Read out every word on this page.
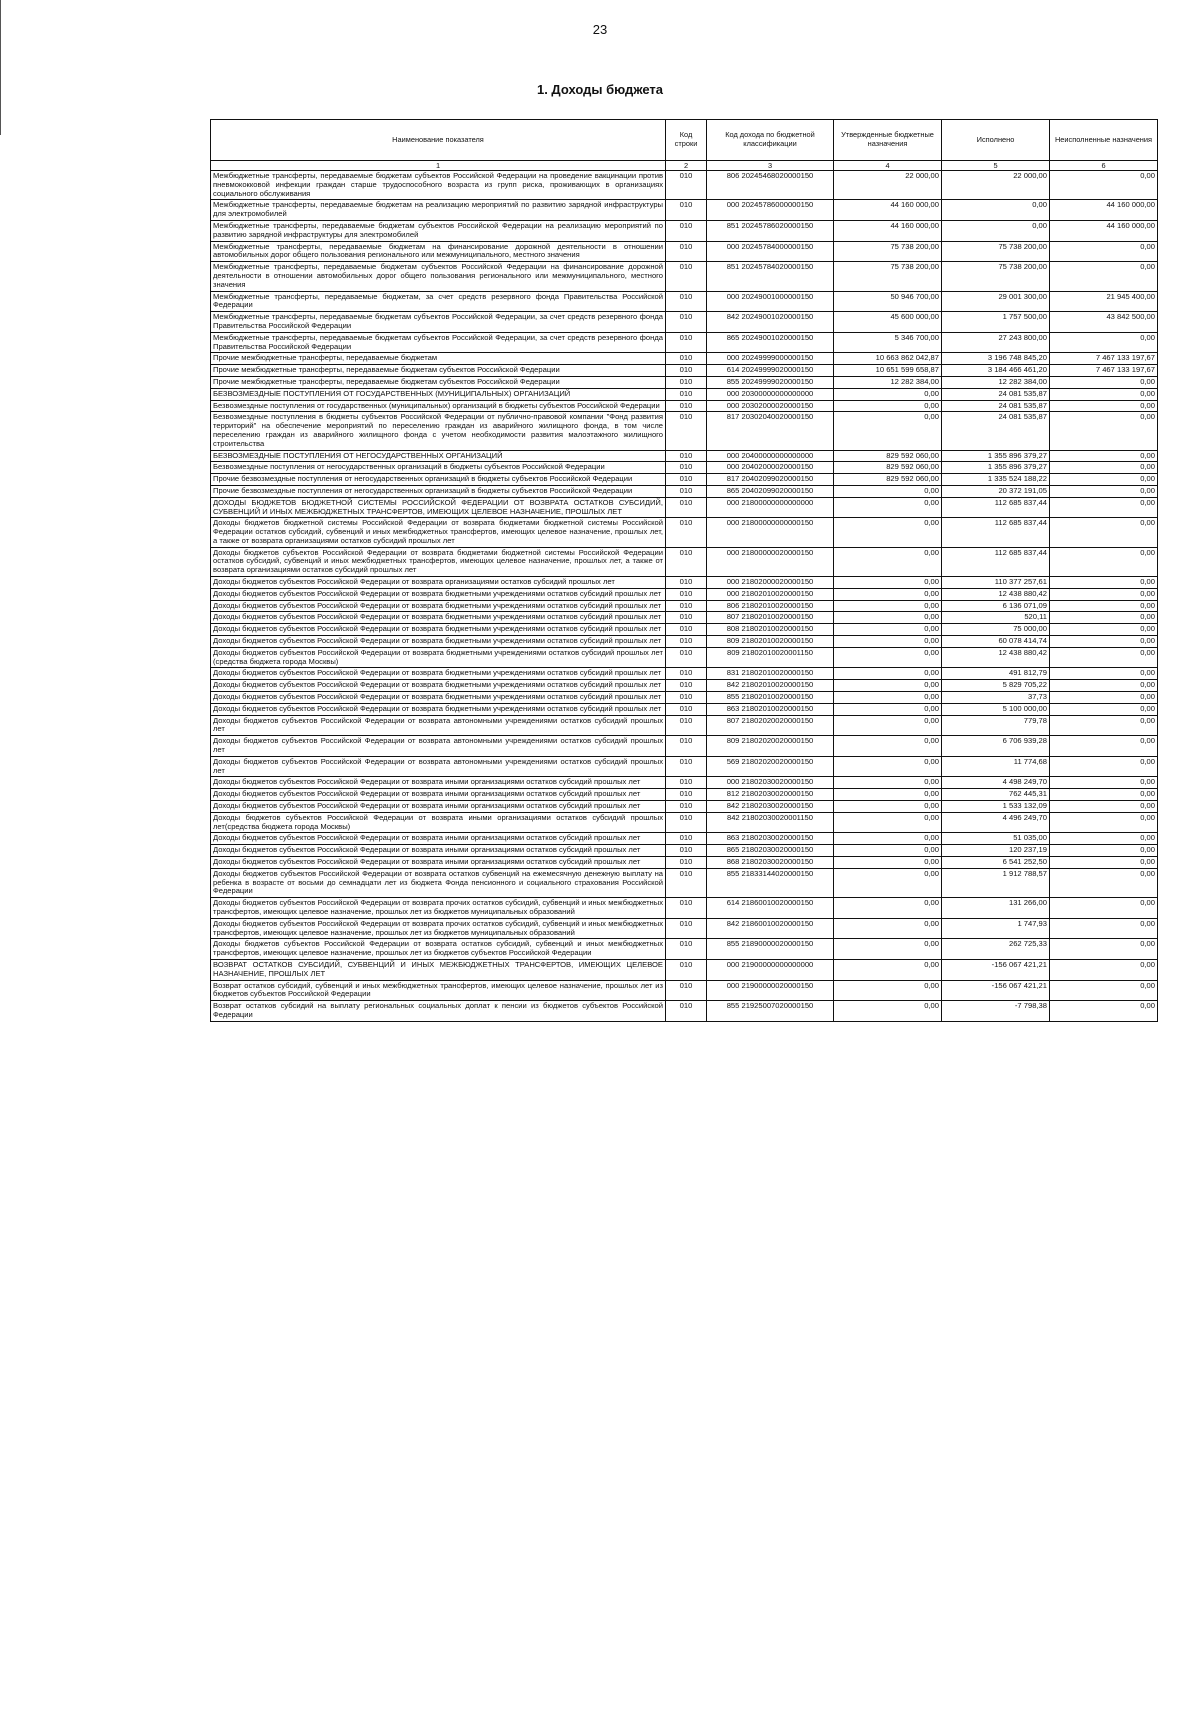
23
1. Доходы бюджета
Наименование показателя	Код строки	Код дохода по бюджетной классификации	Утвержденные бюджетные назначения	Исполнено	Неисполненные назначения
1	2	3	4	5	6
Межбюджетные трансферты, передаваемые бюджетам субъектов Российской Федерации на проведение вакцинации против пневмококковой инфекции граждан старше трудоспособного возраста из групп риска, проживающих в организациях социального обслуживания	010	806 20245468020000150	22 000,00	22 000,00	0,00
Межбюджетные трансферты, передаваемые бюджетам на реализацию мероприятий по развитию зарядной инфраструктуры для электромобилей	010	000 20245786000000150	44 160 000,00	0,00	44 160 000,00
Межбюджетные трансферты, передаваемые бюджетам субъектов Российской Федерации на реализацию мероприятий по развитию зарядной инфраструктуры для электромобилей	010	851 20245786020000150	44 160 000,00	0,00	44 160 000,00
Межбюджетные трансферты, передаваемые бюджетам на финансирование дорожной деятельности в отношении автомобильных дорог общего пользования регионального или межмуниципального, местного значения	010	000 20245784000000150	75 738 200,00	75 738 200,00	0,00
Межбюджетные трансферты, передаваемые бюджетам субъектов Российской Федерации на финансирование дорожной деятельности в отношении автомобильных дорог общего пользования регионального или межмуниципального, местного значения	010	851 20245784020000150	75 738 200,00	75 738 200,00	0,00
Межбюджетные трансферты, передаваемые бюджетам, за счет средств резервного фонда Правительства Российской Федерации	010	000 20249001000000150	50 946 700,00	29 001 300,00	21 945 400,00
Межбюджетные трансферты, передаваемые бюджетам субъектов Российской Федерации, за счет средств резервного фонда Правительства Российской Федерации	010	842 20249001020000150	45 600 000,00	1 757 500,00	43 842 500,00
Межбюджетные трансферты, передаваемые бюджетам субъектов Российской Федерации, за счет средств резервного фонда Правительства Российской Федерации	010	865 20249001020000150	5 346 700,00	27 243 800,00	0,00
Прочие межбюджетные трансферты, передаваемые бюджетам	010	000 20249999000000150	10 663 862 042,87	3 196 748 845,20	7 467 133 197,67
Прочие межбюджетные трансферты, передаваемые бюджетам субъектов Российской Федерации	010	614 20249999020000150	10 651 599 658,87	3 184 466 461,20	7 467 133 197,67
Прочие межбюджетные трансферты, передаваемые бюджетам субъектов Российской Федерации	010	855 20249999020000150	12 282 384,00	12 282 384,00	0,00
БЕЗВОЗМЕЗДНЫЕ ПОСТУПЛЕНИЯ ОТ ГОСУДАРСТВЕННЫХ (МУНИЦИПАЛЬНЫХ) ОРГАНИЗАЦИЙ	010	000 20300000000000000	0,00	24 081 535,87	0,00
Безвозмездные поступления от государственных (муниципальных) организаций в бюджеты субъектов Российской Федерации	010	000 20302000020000150	0,00	24 081 535,87	0,00
Безвозмездные поступления в бюджеты субъектов Российской Федерации от публично-правовой компании "Фонд развития территорий" на обеспечение мероприятий по переселению граждан из аварийного жилищного фонда, в том числе переселению граждан из аварийного жилищного фонда с учетом необходимости развития малоэтажного жилищного строительства	010	817 20302040020000150	0,00	24 081 535,87	0,00
БЕЗВОЗМЕЗДНЫЕ ПОСТУПЛЕНИЯ ОТ НЕГОСУДАРСТВЕННЫХ ОРГАНИЗАЦИЙ	010	000 20400000000000000	829 592 060,00	1 355 896 379,27	0,00
Безвозмездные поступления от негосударственных организаций в бюджеты субъектов Российской Федерации	010	000 20402000020000150	829 592 060,00	1 355 896 379,27	0,00
Прочие безвозмездные поступления от негосударственных организаций в бюджеты субъектов Российской Федерации	010	817 20402099020000150	829 592 060,00	1 335 524 188,22	0,00
Прочие безвозмездные поступления от негосударственных организаций в бюджеты субъектов Российской Федерации	010	865 20402099020000150	0,00	20 372 191,05	0,00
ДОХОДЫ БЮДЖЕТОВ БЮДЖЕТНОЙ СИСТЕМЫ РОССИЙСКОЙ ФЕДЕРАЦИИ ОТ ВОЗВРАТА ОСТАТКОВ СУБСИДИЙ, СУБВЕНЦИЙ И ИНЫХ МЕЖБЮДЖЕТНЫХ ТРАНСФЕРТОВ, ИМЕЮЩИХ ЦЕЛЕВОЕ НАЗНАЧЕНИЕ, ПРОШЛЫХ ЛЕТ	010	000 21800000000000000	0,00	112 685 837,44	0,00
Доходы бюджетов бюджетной системы Российской Федерации от возврата бюджетами бюджетной системы Российской Федерации остатков субсидий, субвенций и иных межбюджетных трансфертов, имеющих целевое назначение, прошлых лет, а также от возврата организациями остатков субсидий прошлых лет	010	000 21800000000000150	0,00	112 685 837,44	0,00
Доходы бюджетов субъектов Российской Федерации от возврата бюджетами бюджетной системы Российской Федерации остатков субсидий, субвенций и иных межбюджетных трансфертов, имеющих целевое назначение, прошлых лет, а также от возврата организациями остатков субсидий прошлых лет	010	000 21800000020000150	0,00	112 685 837,44	0,00
Доходы бюджетов субъектов Российской Федерации от возврата организациями остатков субсидий прошлых лет	010	000 21802000020000150	0,00	110 377 257,61	0,00
Доходы бюджетов субъектов Российской Федерации от возврата бюджетными учреждениями остатков субсидий прошлых лет	010	000 21802010020000150	0,00	12 438 880,42	0,00
Доходы бюджетов субъектов Российской Федерации от возврата бюджетными учреждениями остатков субсидий прошлых лет	010	806 21802010020000150	0,00	6 136 071,09	0,00
Доходы бюджетов субъектов Российской Федерации от возврата бюджетными учреждениями остатков субсидий прошлых лет	010	807 21802010020000150	0,00	520,11	0,00
Доходы бюджетов субъектов Российской Федерации от возврата бюджетными учреждениями остатков субсидий прошлых лет	010	808 21802010020000150	0,00	75 000,00	0,00
Доходы бюджетов субъектов Российской Федерации от возврата бюджетными учреждениями остатков субсидий прошлых лет	010	809 21802010020000150	0,00	60 078 414,74	0,00
Доходы бюджетов субъектов Российской Федерации от возврата бюджетными учреждениями остатков субсидий прошлых лет (средства бюджета города Москвы)	010	809 21802010020001150	0,00	12 438 880,42	0,00
Доходы бюджетов субъектов Российской Федерации от возврата бюджетными учреждениями остатков субсидий прошлых лет	010	831 21802010020000150	0,00	491 812,79	0,00
Доходы бюджетов субъектов Российской Федерации от возврата бюджетными учреждениями остатков субсидий прошлых лет	010	842 21802010020000150	0,00	5 829 705,22	0,00
Доходы бюджетов субъектов Российской Федерации от возврата бюджетными учреждениями остатков субсидий прошлых лет	010	855 21802010020000150	0,00	37,73	0,00
Доходы бюджетов субъектов Российской Федерации от возврата бюджетными учреждениями остатков субсидий прошлых лет	010	863 21802010020000150	0,00	5 100 000,00	0,00
Доходы бюджетов субъектов Российской Федерации от возврата автономными учреждениями остатков субсидий прошлых лет	010	807 21802020020000150	0,00	779,78	0,00
Доходы бюджетов субъектов Российской Федерации от возврата автономными учреждениями остатков субсидий прошлых лет	010	809 21802020020000150	0,00	6 706 939,28	0,00
Доходы бюджетов субъектов Российской Федерации от возврата автономными учреждениями остатков субсидий прошлых лет	010	569 21802020020000150	0,00	11 774,68	0,00
Доходы бюджетов субъектов Российской Федерации от возврата иными организациями остатков субсидий прошлых лет	010	000 21802030020000150	0,00	4 498 249,70	0,00
Доходы бюджетов субъектов Российской Федерации от возврата иными организациями остатков субсидий прошлых лет	010	812 21802030020000150	0,00	762 445,31	0,00
Доходы бюджетов субъектов Российской Федерации от возврата иными организациями остатков субсидий прошлых лет	010	842 21802030020000150	0,00	1 533 132,09	0,00
Доходы бюджетов субъектов Российской Федерации от возврата иными организациями остатков субсидий прошлых лет(средства бюджета города Москвы)	010	842 21802030020001150	0,00	4 496 249,70	0,00
Доходы бюджетов субъектов Российской Федерации от возврата иными организациями остатков субсидий прошлых лет	010	863 21802030020000150	0,00	51 035,00	0,00
Доходы бюджетов субъектов Российской Федерации от возврата иными организациями остатков субсидий прошлых лет	010	865 21802030020000150	0,00	120 237,19	0,00
Доходы бюджетов субъектов Российской Федерации от возврата иными организациями остатков субсидий прошлых лет	010	868 21802030020000150	0,00	6 541 252,50	0,00
Доходы бюджетов субъектов Российской Федерации от возврата остатков субвенций на ежемесячную денежную выплату на ребенка в возрасте от восьми до семнадцати лет из бюджета Фонда пенсионного и социального страхования Российской Федерации	010	855 21833144020000150	0,00	1 912 788,57	0,00
Доходы бюджетов субъектов Российской Федерации от возврата прочих остатков субсидий, субвенций и иных межбюджетных трансфертов, имеющих целевое назначение, прошлых лет из бюджетов муниципальных образований	010	614 21860010020000150	0,00	131 266,00	0,00
Доходы бюджетов субъектов Российской Федерации от возврата прочих остатков субсидий, субвенций и иных межбюджетных трансфертов, имеющих целевое назначение, прошлых лет из бюджетов муниципальных образований	010	842 21860010020000150	0,00	1 747,93	0,00
Доходы бюджетов субъектов Российской Федерации от возврата остатков субсидий, субвенций и иных межбюджетных трансфертов, имеющих целевое назначение, прошлых лет из бюджетов субъектов Российской Федерации	010	855 21890000020000150	0,00	262 725,33	0,00
ВОЗВРАТ ОСТАТКОВ СУБСИДИЙ, СУБВЕНЦИЙ И ИНЫХ МЕЖБЮДЖЕТНЫХ ТРАНСФЕРТОВ, ИМЕЮЩИХ ЦЕЛЕВОЕ НАЗНАЧЕНИЕ, ПРОШЛЫХ ЛЕТ	010	000 21900000000000000	0,00	-156 067 421,21	0,00
Возврат остатков субсидий, субвенций и иных межбюджетных трансфертов, имеющих целевое назначение, прошлых лет из бюджетов субъектов Российской Федерации	010	000 21900000020000150	0,00	-156 067 421,21	0,00
Возврат остатков субсидий на выплату региональных социальных доплат к пенсии из бюджетов субъектов Российской Федерации	010	855 21925007020000150	0,00	-7 798,38	0,00
